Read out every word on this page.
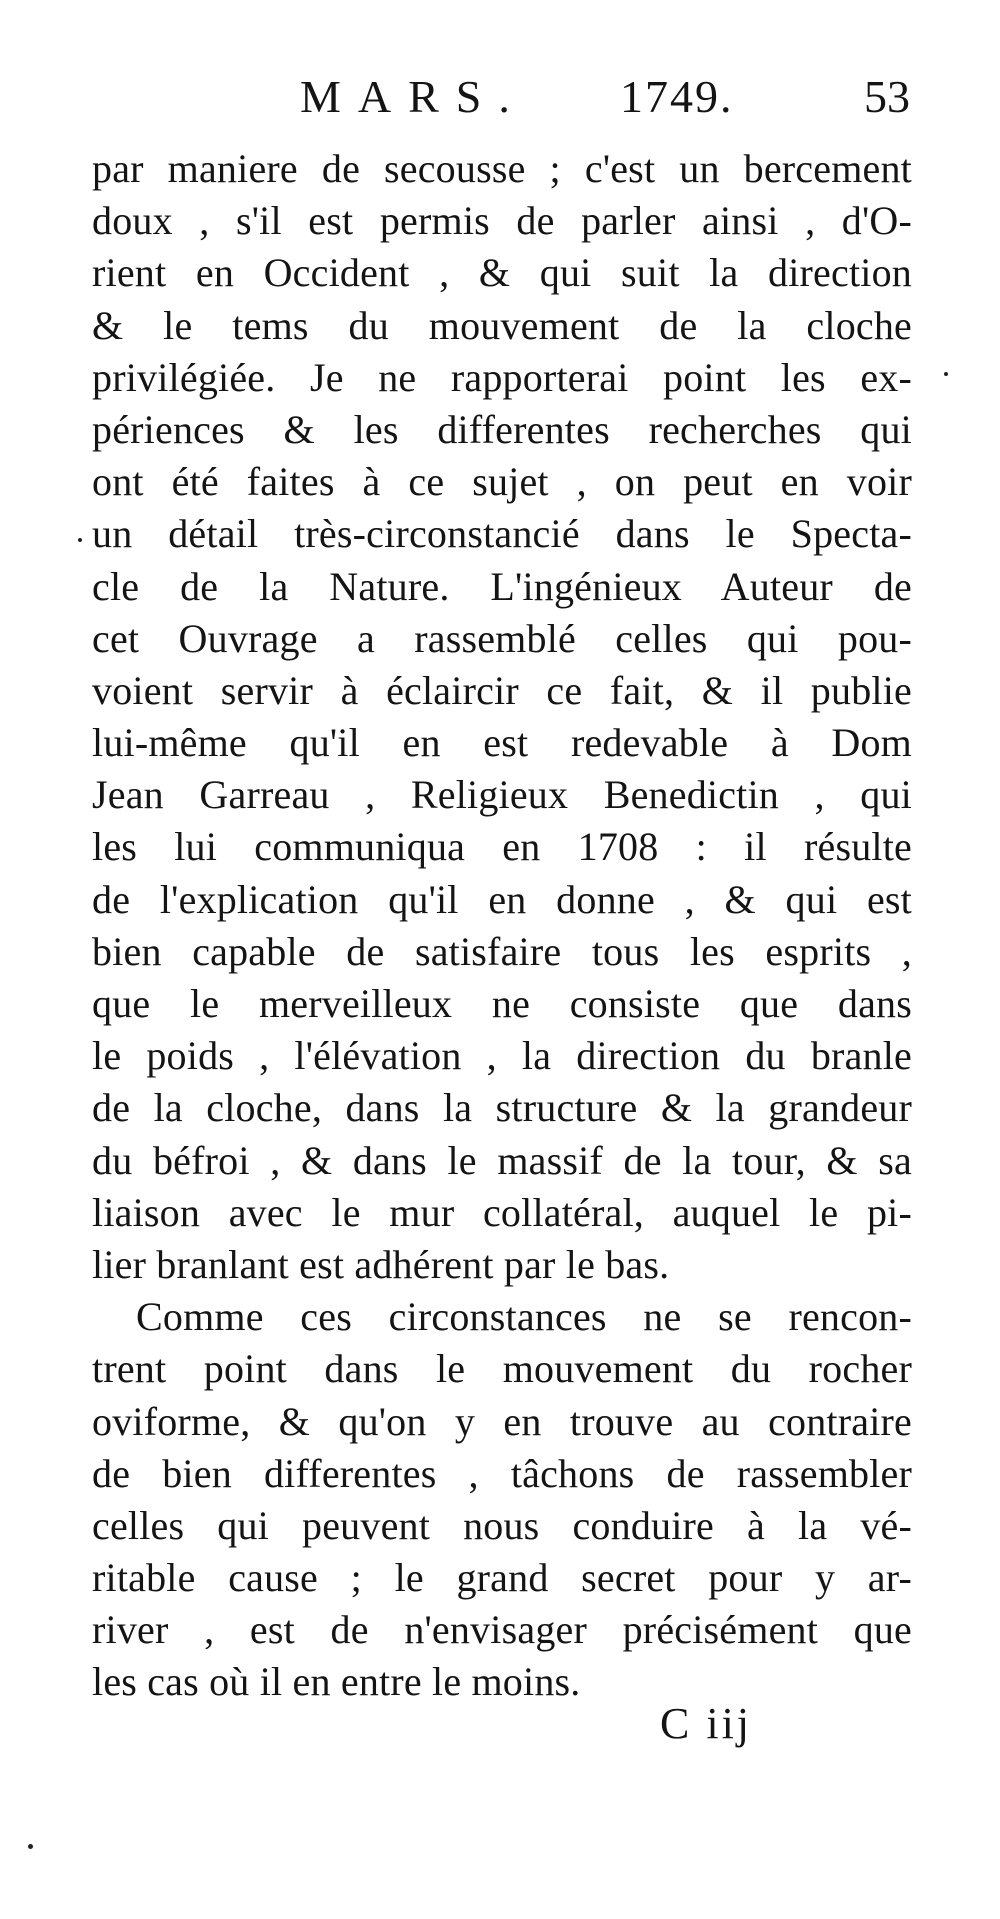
MARS. 1749.	53
par maniere de secousse ; c'est un bercement
doux , s'il est permis de parler ainsi , d'O-
rient en Occident , & qui suit la direction
& le tems du mouvement de la cloche
privilégiée. Je ne rapporterai point les ex-
périences & les differentes recherches qui
ont été faites à ce sujet , on peut en voir
un détail très-circonstancié dans le Specta-
cle de la Nature. L'ingénieux Auteur de
cet Ouvrage a rassemblé celles qui pou-
voient servir à éclaircir ce fait, & il publie
lui-même qu'il en est redevable à Dom
Jean Garreau , Religieux Benedictin , qui
les lui communiqua en 1708 : il résulte
de l'explication qu'il en donne , & qui est
bien capable de satisfaire tous les esprits ,
que le merveilleux ne consiste que dans
le poids , l'élévation , la direction du branle
de la cloche, dans la structure & la grandeur
du béfroi , & dans le massif de la tour, & sa
liaison avec le mur collatéral, auquel le pi-
lier branlant est adhérent par le bas.
Comme ces circonstances ne se rencon-
trent point dans le mouvement du rocher
oviforme, & qu'on y en trouve au contraire
de bien differentes , tâchons de rassembler
celles qui peuvent nous conduire à la vé-
ritable cause ; le grand secret pour y ar-
river , est de n'envisager précisément que
les cas où il en entre le moins.
C iij
